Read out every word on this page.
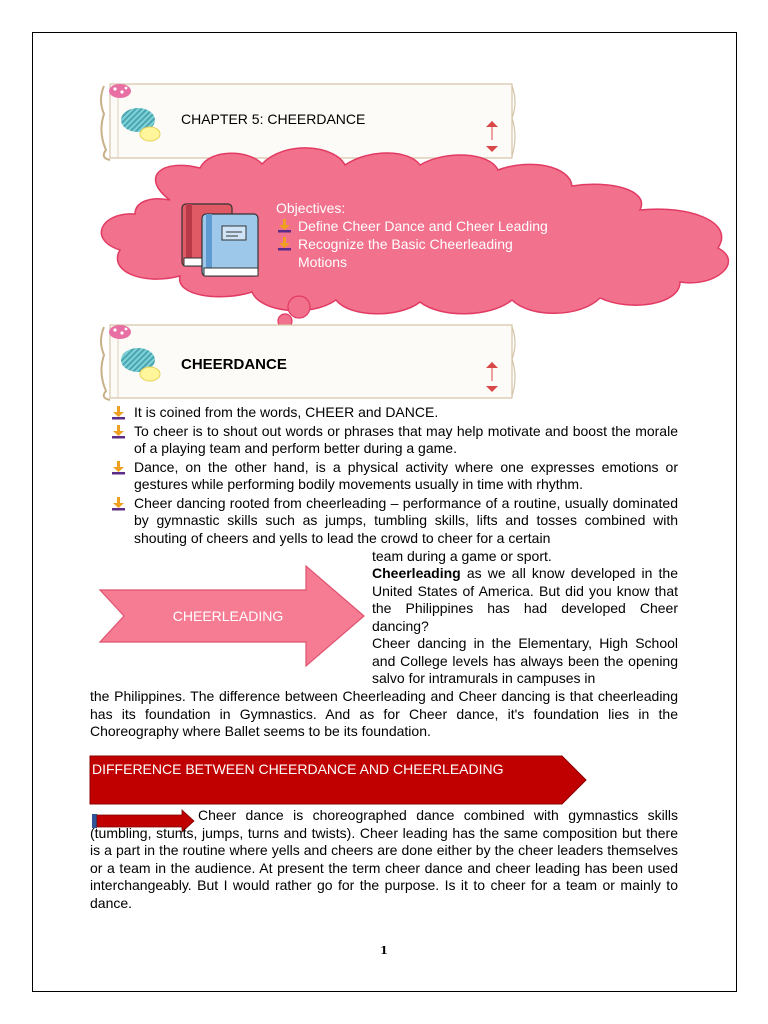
CHAPTER 5: CHEERDANCE
Objectives:
Define Cheer Dance and Cheer Leading
Recognize the Basic Cheerleading Motions
CHEERDANCE
It is coined from the words, CHEER and DANCE.
To cheer is to shout out words or phrases that may help motivate and boost the morale of a playing team and perform better during a game.
Dance, on the other hand, is a physical activity where one expresses emotions or gestures while performing bodily movements usually in time with rhythm.
Cheer dancing rooted from cheerleading – performance of a routine, usually dominated by gymnastic skills such as jumps, tumbling skills, lifts and tosses combined with shouting of cheers and yells to lead the crowd to cheer for a certain
team during a game or sport.
CHEERLEADING
Cheerleading as we all know developed in the United States of America. But did you know that the Philippines has had developed Cheer dancing?
Cheer dancing in the Elementary, High School and College levels has always been the opening salvo for intramurals in campuses in
the Philippines. The difference between Cheerleading and Cheer dancing is that cheerleading has its foundation in Gymnastics. And as for Cheer dance, it's foundation lies in the Choreography where Ballet seems to be its foundation.
DIFFERENCE BETWEEN CHEERDANCE AND CHEERLEADING
Cheer dance is choreographed dance combined with gymnastics skills (tumbling, stunts, jumps, turns and twists). Cheer leading has the same composition but there is a part in the routine where yells and cheers are done either by the cheer leaders themselves or a team in the audience. At present the term cheer dance and cheer leading has been used interchangeably. But I would rather go for the purpose. Is it to cheer for a team or mainly to dance.
1
